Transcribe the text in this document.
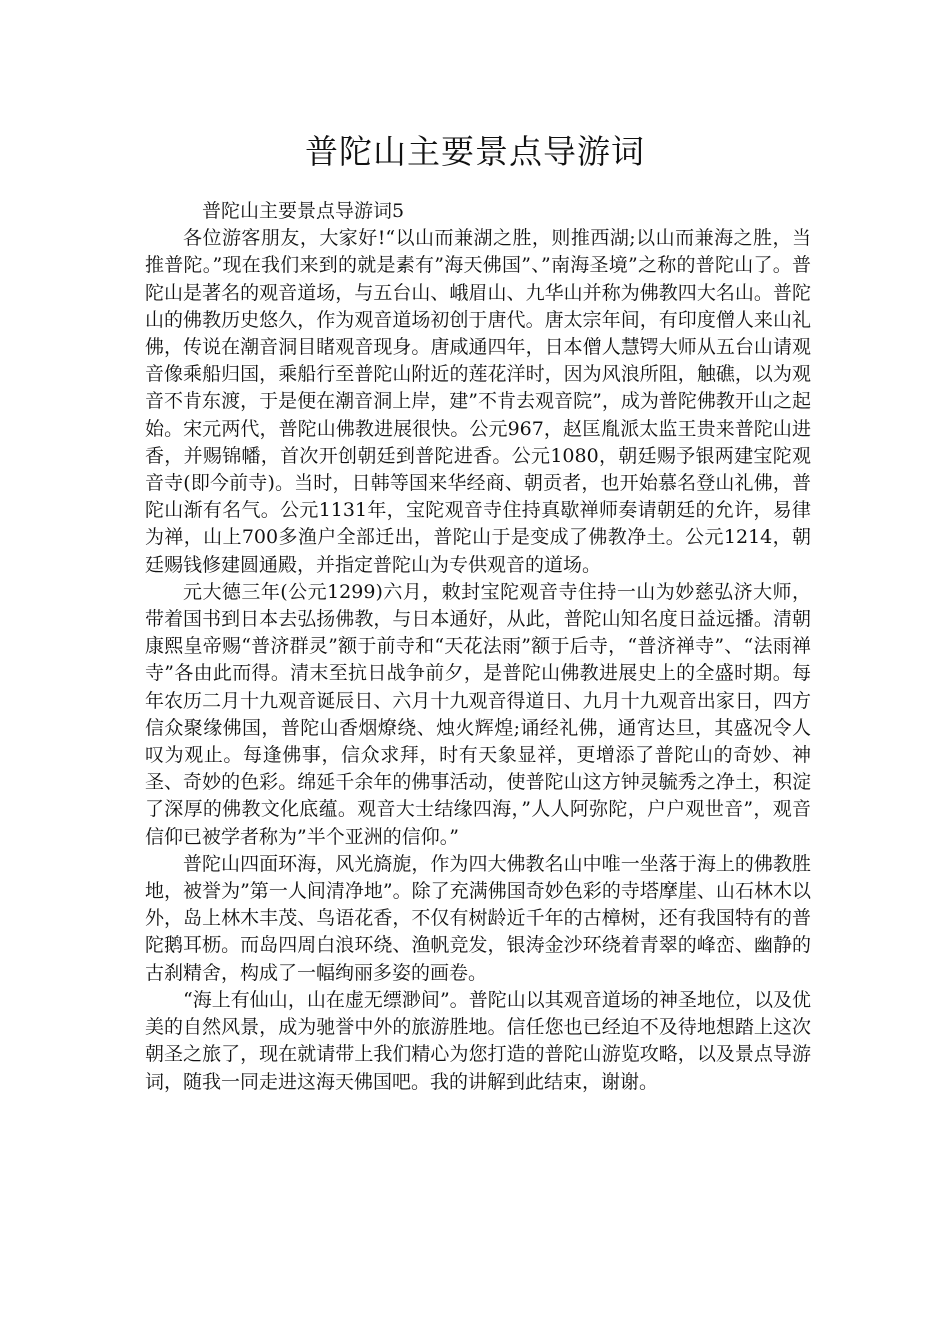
普陀山主要景点导游词

普陀山主要景点导游词5

各位游客朋友，大家好!“以山而兼湖之胜，则推西湖;以山而兼海之胜，当推普陀。”现在我们来到的就是素有”海天佛国”、”南海圣境”之称的普陀山了。普陀山是著名的观音道场，与五台山、峨眉山、九华山并称为佛教四大名山。普陀山的佛教历史悠久，作为观音道场初创于唐代。唐太宗年间，有印度僧人来山礼佛，传说在潮音洞目睹观音现身。唐咸通四年，日本僧人慧锷大师从五台山请观音像乘船归国，乘船行至普陀山附近的莲花洋时，因为风浪所阻，触礁，以为观音不肯东渡，于是便在潮音洞上岸，建”不肯去观音院”，成为普陀佛教开山之起始。宋元两代，普陀山佛教进展很快。公元967，赵匡胤派太监王贵来普陀山进香，并赐锦幡，首次开创朝廷到普陀进香。公元1080，朝廷赐予银两建宝陀观音寺(即今前寺)。当时，日韩等国来华经商、朝贡者，也开始慕名登山礼佛，普陀山渐有名气。公元1131年，宝陀观音寺住持真歇禅师奏请朝廷的允许，易律为禅，山上700多渔户全部迁出，普陀山于是变成了佛教净土。公元1214，朝廷赐钱修建圆通殿，并指定普陀山为专供观音的道场。

元大德三年(公元1299)六月，敕封宝陀观音寺住持一山为妙慈弘济大师，带着国书到日本去弘扬佛教，与日本通好，从此，普陀山知名度日益远播。清朝康熙皇帝赐“普济群灵”额于前寺和“天花法雨”额于后寺，“普济禅寺”、“法雨禅寺”各由此而得。清末至抗日战争前夕，是普陀山佛教进展史上的全盛时期。每年农历二月十九观音诞辰日、六月十九观音得道日、九月十九观音出家日，四方信众聚缘佛国，普陀山香烟燎绕、烛火辉煌;诵经礼佛，通宵达旦，其盛况令人叹为观止。每逢佛事，信众求拜，时有天象显祥，更增添了普陀山的奇妙、神圣、奇妙的色彩。绵延千余年的佛事活动，使普陀山这方钟灵毓秀之净土，积淀了深厚的佛教文化底蕴。观音大士结缘四海，”人人阿弥陀，户户观世音”，观音信仰已被学者称为”半个亚洲的信仰。”

普陀山四面环海，风光旖旎，作为四大佛教名山中唯一坐落于海上的佛教胜地，被誉为”第一人间清净地”。除了充满佛国奇妙色彩的寺塔摩崖、山石林木以外，岛上林木丰茂、鸟语花香，不仅有树龄近千年的古樟树，还有我国特有的普陀鹅耳枥。而岛四周白浪环绕、渔帆竞发，银涛金沙环绕着青翠的峰峦、幽静的古刹精舍，构成了一幅绚丽多姿的画卷。

“海上有仙山，山在虚无缥渺间”。普陀山以其观音道场的神圣地位，以及优美的自然风景，成为驰誉中外的旅游胜地。信任您也已经迫不及待地想踏上这次朝圣之旅了，现在就请带上我们精心为您打造的普陀山游览攻略，以及景点导游词，随我一同走进这海天佛国吧。我的讲解到此结束，谢谢。
